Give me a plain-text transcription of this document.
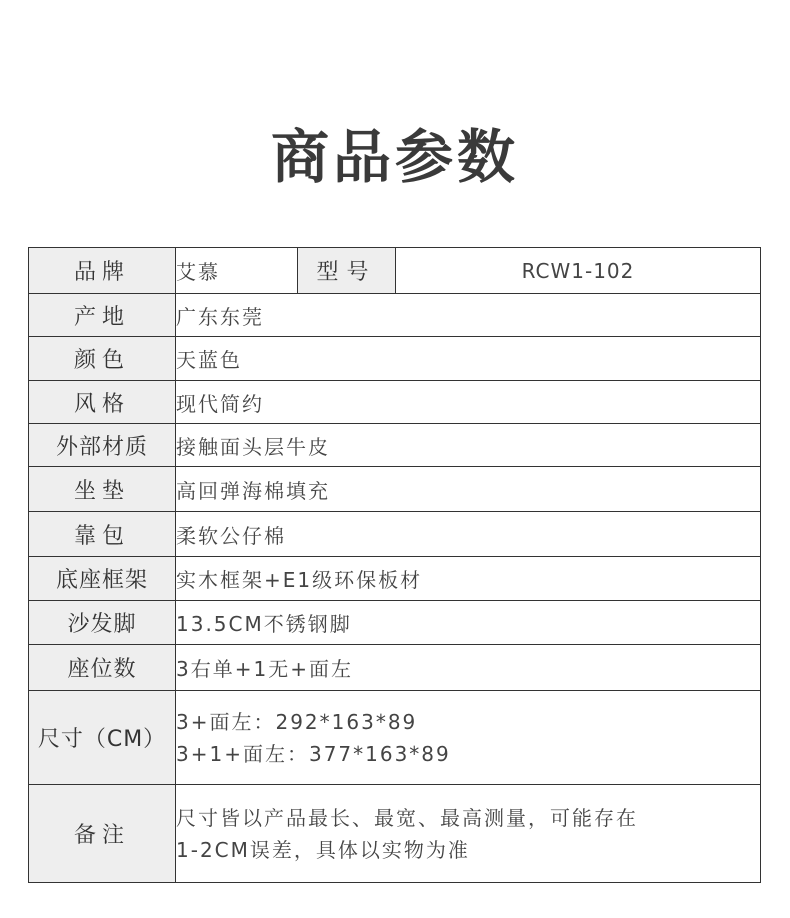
商品参数
品牌	艾慕	型号	RCW1-102
产地	广东东莞		
颜色	天蓝色		
风格	现代简约		
外部材质	接触面头层牛皮		
坐垫	高回弹海棉填充		
靠包	柔软公仔棉		
底座框架	实木框架+E1级环保板材		
沙发脚	13.5CM不锈钢脚		
座位数	3右单+1无+面左		
尺寸（CM）	3+面左：292*163*89
3+1+面左：377*163*89		

备注	尺寸皆以产品最长、最宽、最高测量，可能存在
1-2CM误差，具体以实物为准		
